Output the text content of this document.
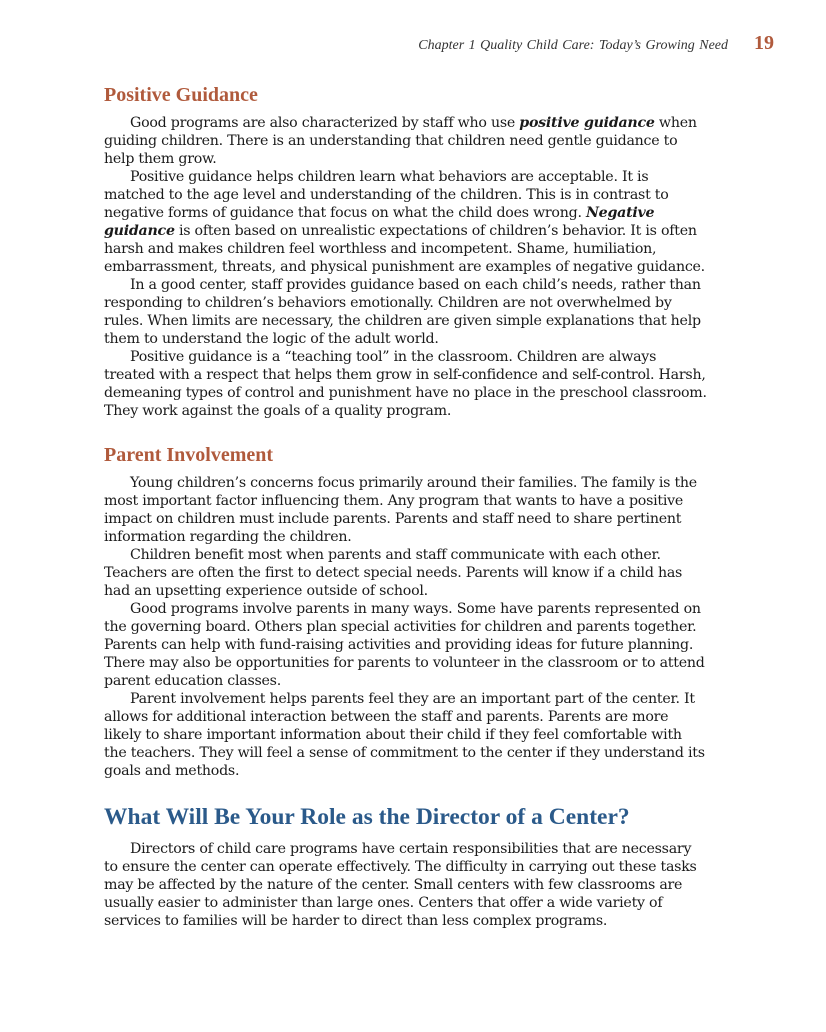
Chapter 1 Quality Child Care: Today’s Growing Need 19
Positive Guidance

Good programs are also characterized by staff who use positive guidance when guiding children. There is an understanding that children need gentle guidance to help them grow.

Positive guidance helps children learn what behaviors are acceptable. It is matched to the age level and understanding of the children. This is in contrast to negative forms of guidance that focus on what the child does wrong. Negative guidance is often based on unrealistic expectations of children’s behavior. It is often harsh and makes children feel worthless and incompetent. Shame, humiliation, embarrassment, threats, and physical punishment are examples of negative guidance.

In a good center, staff provides guidance based on each child’s needs, rather than responding to children’s behaviors emotionally. Children are not overwhelmed by rules. When limits are necessary, the children are given simple explanations that help them to understand the logic of the adult world.

Positive guidance is a “teaching tool” in the classroom. Children are always treated with a respect that helps them grow in self-confidence and self-control. Harsh, demeaning types of control and punishment have no place in the preschool classroom. They work against the goals of a quality program.

Parent Involvement

Young children’s concerns focus primarily around their families. The family is the most important factor influencing them. Any program that wants to have a positive impact on children must include parents. Parents and staff need to share pertinent information regarding the children.

Children benefit most when parents and staff communicate with each other. Teachers are often the first to detect special needs. Parents will know if a child has had an upsetting experience outside of school.

Good programs involve parents in many ways. Some have parents represented on the governing board. Others plan special activities for children and parents together. Parents can help with fund-raising activities and providing ideas for future planning. There may also be opportunities for parents to volunteer in the classroom or to attend parent education classes.

Parent involvement helps parents feel they are an important part of the center. It allows for additional interaction between the staff and parents. Parents are more likely to share important information about their child if they feel comfortable with the teachers. They will feel a sense of commitment to the center if they understand its goals and methods.

What Will Be Your Role as the Director of a Center?

Directors of child care programs have certain responsibilities that are necessary to ensure the center can operate effectively. The difficulty in carrying out these tasks may be affected by the nature of the center. Small centers with few classrooms are usually easier to administer than large ones. Centers that offer a wide variety of services to families will be harder to direct than less complex programs.
